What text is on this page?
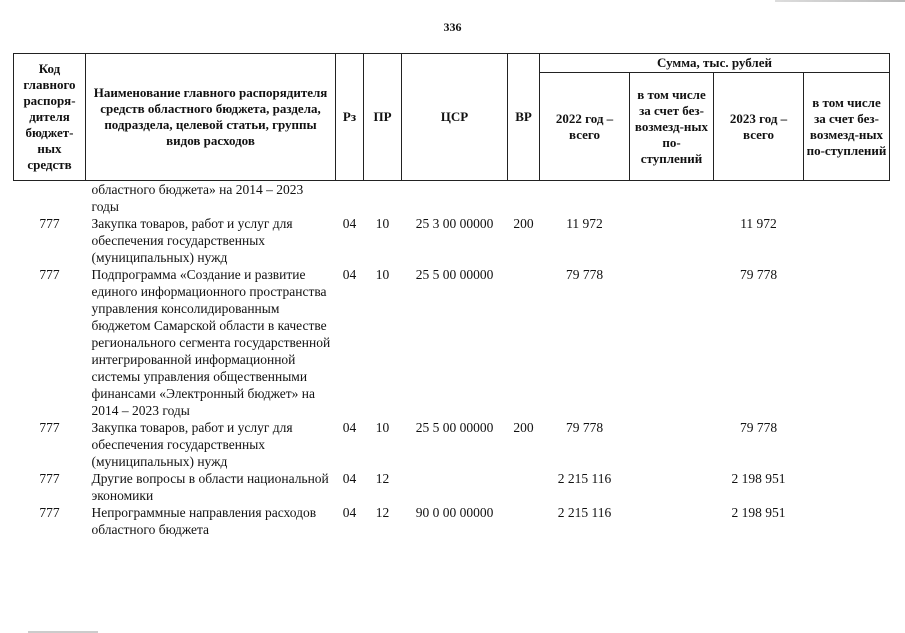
336
Код главного распоря-дителя бюджет-ных средств	Наименование главного распорядителя средств областного бюджета, раздела, подраздела, целевой статьи, группы видов расходов	Рз	ПР	ЦСР	ВР	Сумма, тыс. рублей			
						2022 год – всего	в том числе за счет без-возмезд-ных по-ступлений	2023 год – всего	в том числе за счет без-возмезд-ных по-ступлений
	областного бюджета» на 2014 – 2023 годы								
777	Закупка товаров, работ и услуг для обеспечения государственных (муниципальных) нужд	04	10	25 3 00 00000	200	11 972		11 972	
777	Подпрограмма «Создание и развитие единого информационного пространства управления консолидированным бюджетом Самарской области в качестве регионального сегмента государственной интегрированной информационной системы управления общественными финансами «Электронный бюджет» на 2014 – 2023 годы	04	10	25 5 00 00000		79 778		79 778	
777	Закупка товаров, работ и услуг для обеспечения государственных (муниципальных) нужд	04	10	25 5 00 00000	200	79 778		79 778	
777	Другие вопросы в области национальной экономики	04	12			2 215 116		2 198 951	
777	Непрограммные направления расходов областного бюджета	04	12	90 0 00 00000		2 215 116		2 198 951	
